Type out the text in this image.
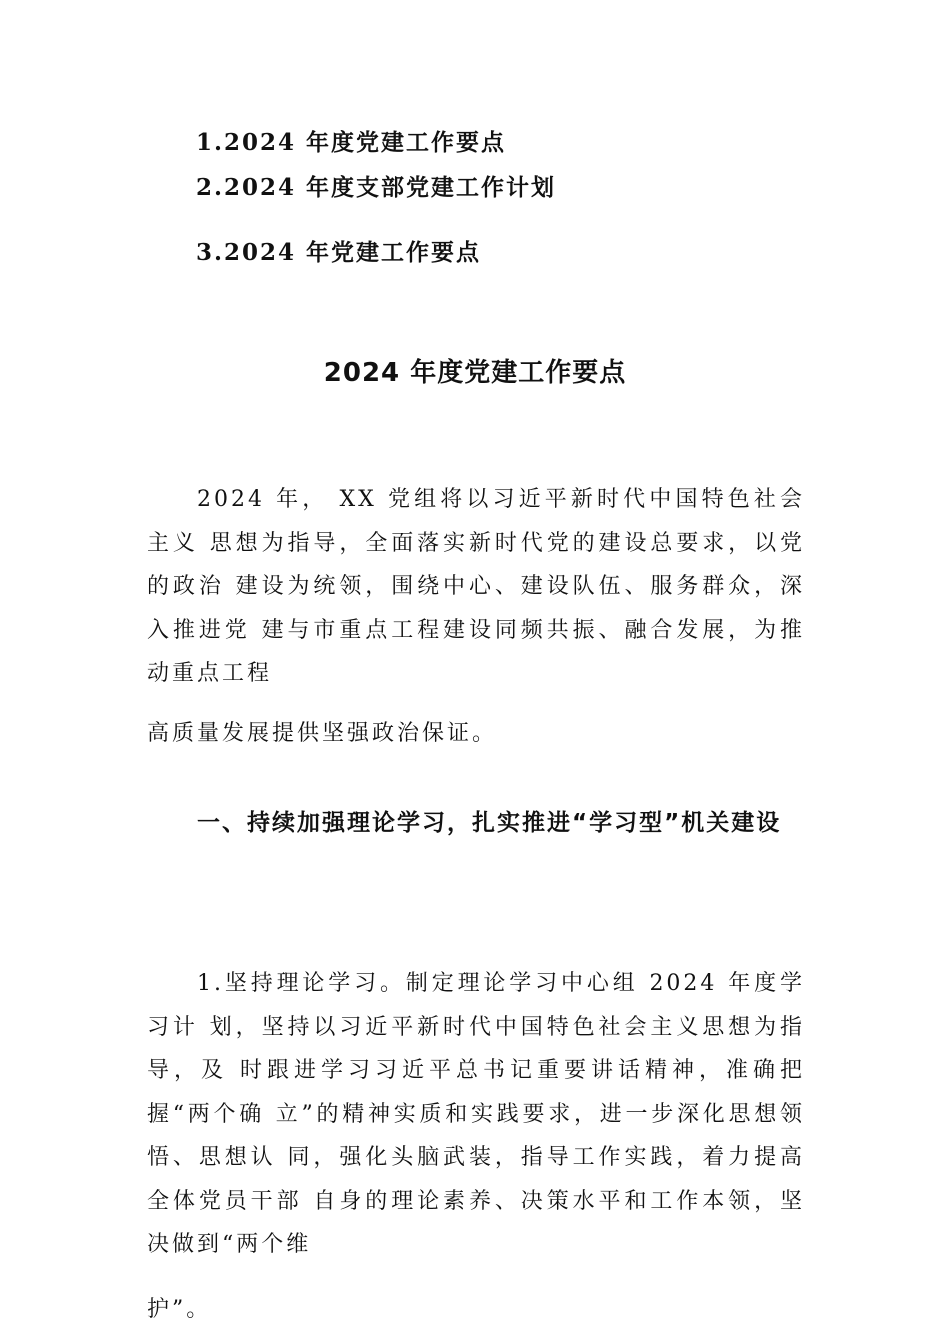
1.2024 年度党建工作要点

2.2024 年度支部党建工作计划

3.2024 年党建工作要点

2024 年度党建工作要点

2024 年， XX 党组将以习近平新时代中国特色社会主义 思想为指导，全面落实新时代党的建设总要求，以党的政治 建设为统领，围绕中心、建设队伍、服务群众，深入推进党 建与市重点工程建设同频共振、融合发展，为推动重点工程

高质量发展提供坚强政治保证。

一、持续加强理论学习，扎实推进“学习型”机关建设

1.坚持理论学习。制定理论学习中心组 2024 年度学习计 划，坚持以习近平新时代中国特色社会主义思想为指导，及 时跟进学习习近平总书记重要讲话精神，准确把握“两个确 立”的精神实质和实践要求，进一步深化思想领悟、思想认 同，强化头脑武装，指导工作实践，着力提高全体党员干部 自身的理论素养、决策水平和工作本领，坚决做到“两个维

护”。
